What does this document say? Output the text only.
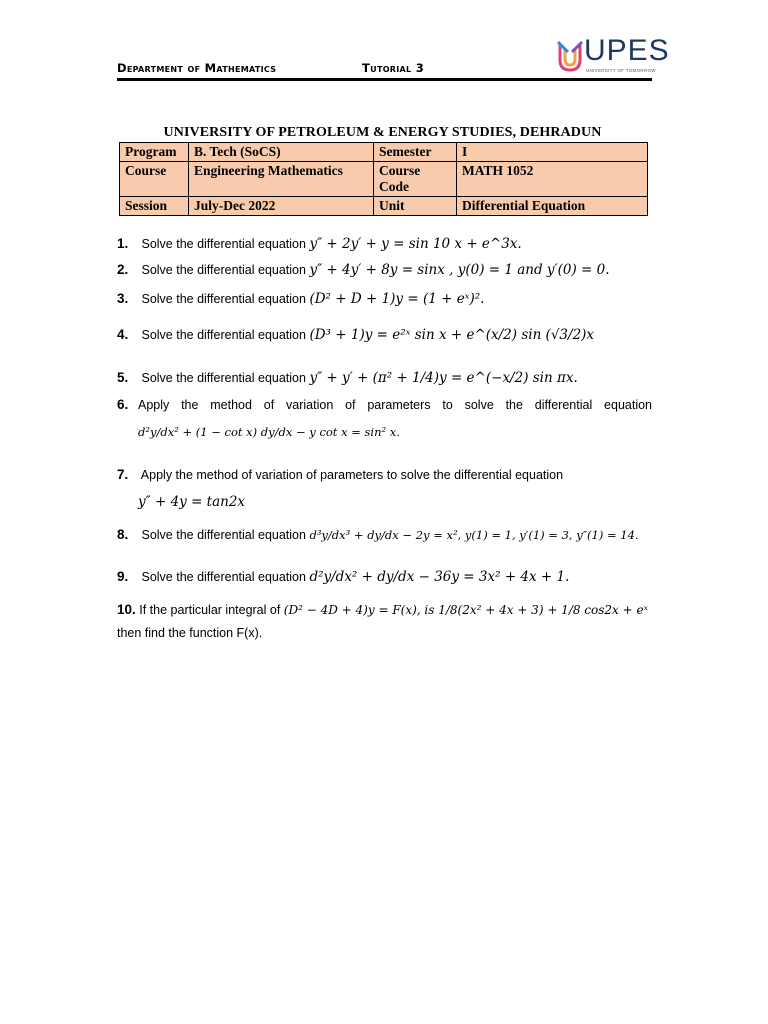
Department of Mathematics	Tutorial 3
UPES
UNIVERSITY OF TOMORROW
UNIVERSITY OF PETROLEUM & ENERGY STUDIES, DEHRADUN
Program	B. Tech (SoCS)	Semester	I
Course	Engineering Mathematics	Course Code	MATH 1052
Session	July-Dec 2022	Unit	Differential Equation
1. Solve the differential equation y″ + 2y′ + y = sin 10 x + e^3x.
2. Solve the differential equation y″ + 4y′ + 8y = sinx , y(0) = 1 and y′(0) = 0.
3. Solve the differential equation (D² + D + 1)y = (1 + eˣ)².
4. Solve the differential equation (D³ + 1)y = e²ˣ sin x + e^(x/2) sin (√3/2)x
5. Solve the differential equation y″ + y′ + (π² + 1/4)y = e^(−x/2) sin πx.
6. Apply the method of variation of parameters to solve the differential equation
d²y/dx² + (1 − cot x) dy/dx − y cot x = sin² x.
7. Apply the method of variation of parameters to solve the differential equation
y″ + 4y = tan2x
8. Solve the differential equation d³y/dx³ + dy/dx − 2y = x², y(1) = 1, y′(1) = 3, y″(1) = 14.
9. Solve the differential equation d²y/dx² + dy/dx − 36y = 3x² + 4x + 1.
10. If the particular integral of (D² − 4D + 4)y = F(x), is 1/8(2x² + 4x + 3) + 1/8 cos2x + eˣ
then find the function F(x).
